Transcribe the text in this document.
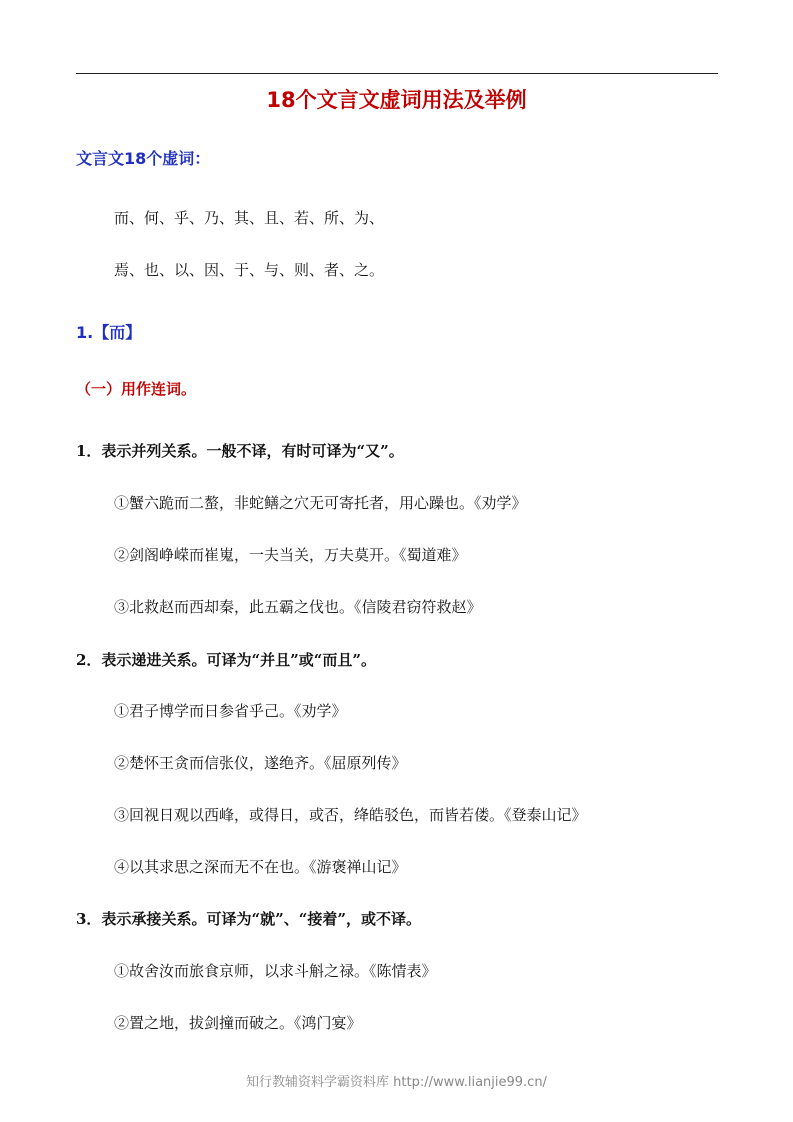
18个文言文虚词用法及举例
文言文18个虚词：
而、何、乎、乃、其、且、若、所、为、
焉、也、以、因、于、与、则、者、之。
1.【而】
（一）用作连词。
1．表示并列关系。一般不译，有时可译为“又”。
①蟹六跪而二螯，非蛇鳝之穴无可寄托者，用心躁也。《劝学》
②剑阁峥嵘而崔嵬，一夫当关，万夫莫开。《蜀道难》
③北救赵而西却秦，此五霸之伐也。《信陵君窃符救赵》
2．表示递进关系。可译为“并且”或“而且”。
①君子博学而日参省乎己。《劝学》
②楚怀王贪而信张仪，遂绝齐。《屈原列传》
③回视日观以西峰，或得日，或否，绛皓驳色，而皆若偻。《登泰山记》
④以其求思之深而无不在也。《游褒禅山记》
3．表示承接关系。可译为“就”、“接着”，或不译。
①故舍汝而旅食京师，以求斗斛之禄。《陈情表》
②置之地，拔剑撞而破之。《鸿门宴》
知行教辅资料学霸资料库 http://www.lianjie99.cn/
